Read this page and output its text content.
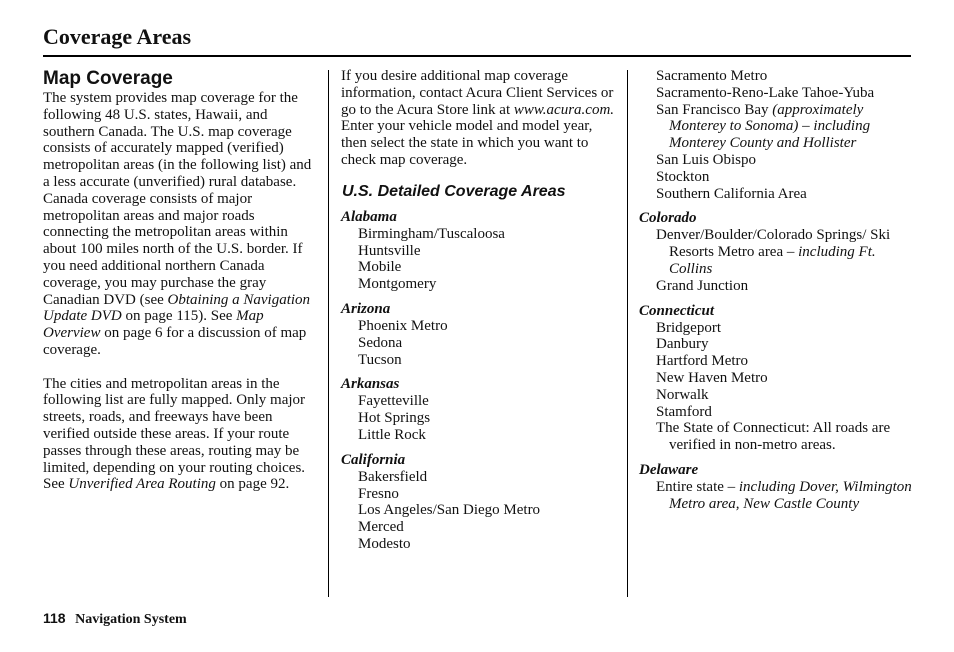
Coverage Areas
Map Coverage

The system provides map coverage for the following 48 U.S. states, Hawaii, and southern Canada. The U.S. map coverage consists of accurately mapped (verified) metropolitan areas (in the following list) and a less accurate (unverified) rural database. Canada coverage consists of major metropolitan areas and major roads connecting the metropolitan areas within about 100 miles north of the U.S. border. If you need additional northern Canada coverage, you may purchase the gray Canadian DVD (see Obtaining a Navigation Update DVD on page 115). See Map Overview on page 6 for a discussion of map coverage.

The cities and metropolitan areas in the following list are fully mapped. Only major streets, roads, and freeways have been verified outside these areas. If your route passes through these areas, routing may be limited, depending on your routing choices. See Unverified Area Routing on page 92.

If you desire additional map coverage information, contact Acura Client Services or go to the Acura Store link at www.acura.com. Enter your vehicle model and model year, then select the state in which you want to check map coverage.

U.S. Detailed Coverage Areas
Alabama
Birmingham/Tuscaloosa
Huntsville
Mobile
Montgomery
Arizona
Phoenix Metro
Sedona
Tucson
Arkansas
Fayetteville
Hot Springs
Little Rock
California
Bakersfield
Fresno
Los Angeles/San Diego Metro
Merced
Modesto
Sacramento Metro
Sacramento-Reno-Lake Tahoe-Yuba
San Francisco Bay (approximately Monterey to Sonoma) – including Monterey County and Hollister
San Luis Obispo
Stockton
Southern California Area
Colorado
Denver/Boulder/Colorado Springs/ Ski Resorts Metro area – including Ft. Collins
Grand Junction
Connecticut
Bridgeport
Danbury
Hartford Metro
New Haven Metro
Norwalk
Stamford
The State of Connecticut: All roads are verified in non-metro areas.
Delaware
Entire state – including Dover, Wilmington Metro area, New Castle County
118 Navigation System
